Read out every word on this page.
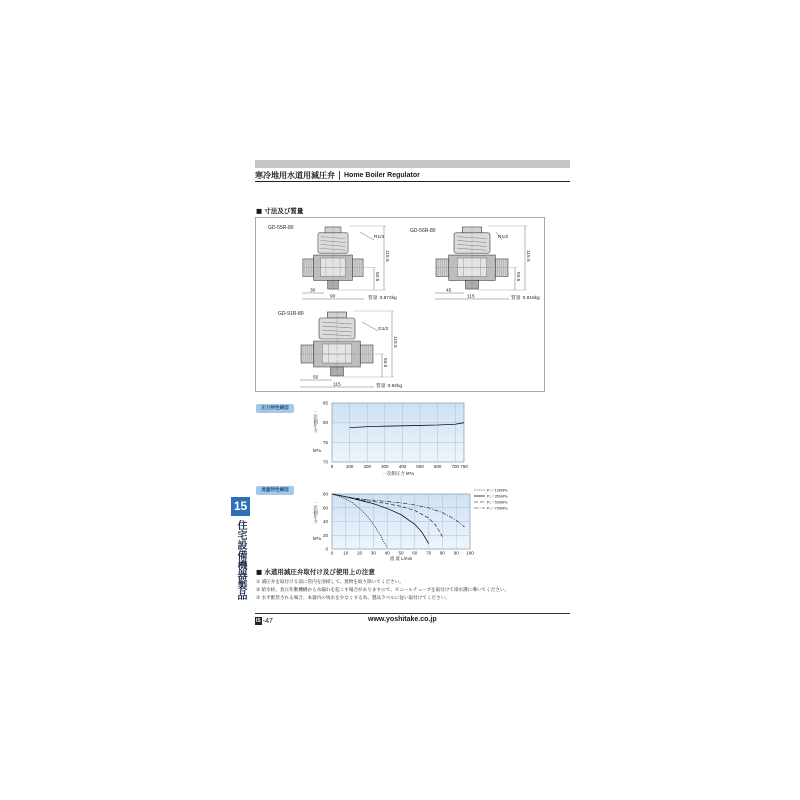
寒冷地用水道用減圧弁 Home Boiler Regulator
■ 寸法及び質量
GD-55R-80
R1/2
115.5
50.5
30
90	質量 0.872kg
GD-56R-80
R1/2
115.5
50.5
45
115	質量 0.916kg
GD-91R-80
G1/2
115.5
50.5
50
115	質量 0.92kg
圧力特性線図
0	100 200 300 400 500 600 700 750
70
75
80
85
二次側圧力
kPa
一次側圧力 kPa
流量特性線図
0 10 20 30 40 50 60 70 80 90 100
0
20
40
60
80
P₁＝100kPa
P₁＝350kPa
P₁＝500kPa
P₁＝700kPa
二次側圧力
kPa
流 量 L/min
■ 水道用減圧弁取付け及び使用上の注意
① 減圧弁を取付ける前に管内を清掃して、異物を取り除いてください。
② 給水栓、負圧作動機構から水漏れを起こす場合がありますので、ビニールチューブを取付けて排水溝に導いてください。
③ 水平配管される場合、本器内の残水を少なくする為、製品ラベルに従い取付けてください。
IS -47	www.yoshitake.co.jp
15
住宅設備機器製品
